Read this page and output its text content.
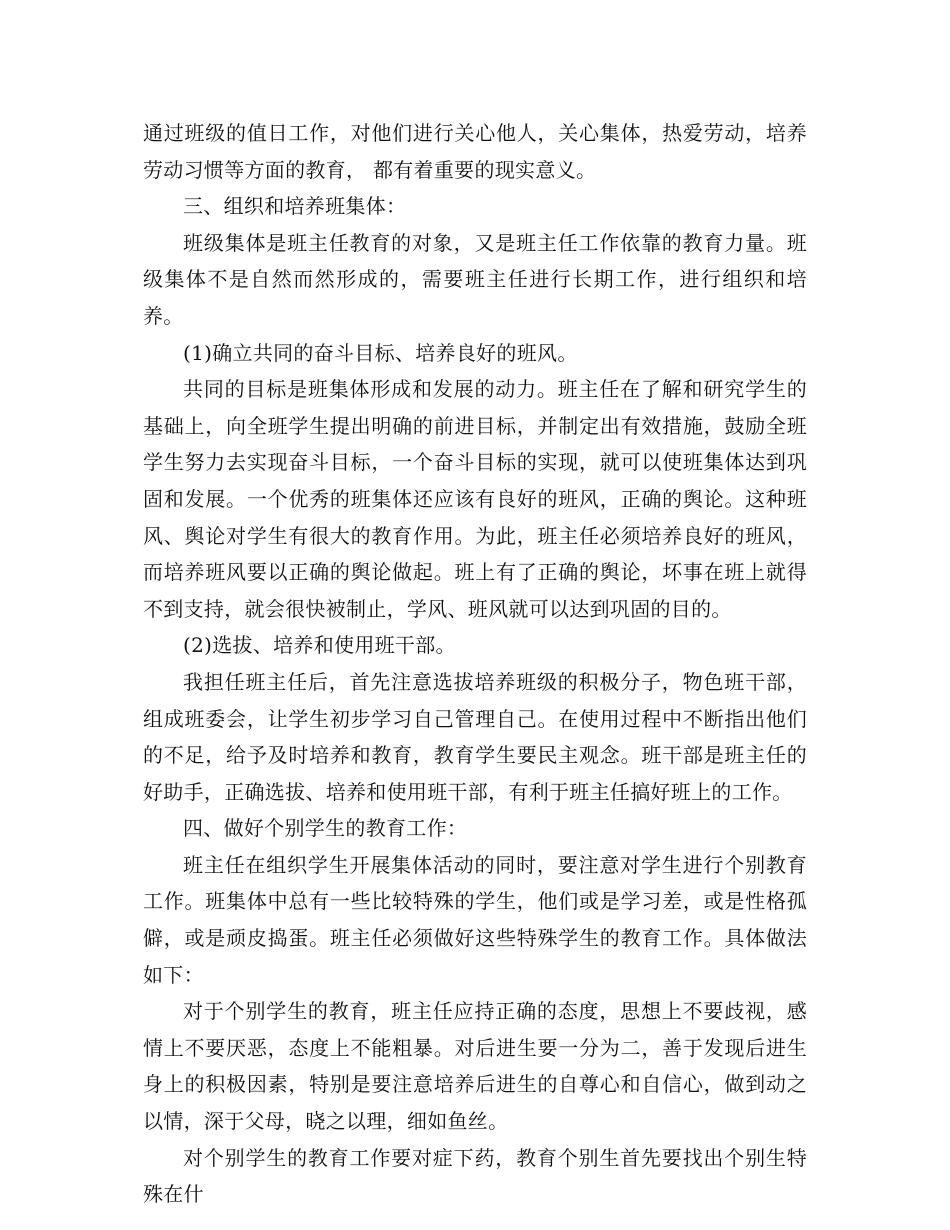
通过班级的值日工作，对他们进行关心他人，关心集体，热爱劳动，培养劳动习惯等方面的教育， 都有着重要的现实意义。

三、组织和培养班集体：

班级集体是班主任教育的对象，又是班主任工作依靠的教育力量。班级集体不是自然而然形成的，需要班主任进行长期工作，进行组织和培养。

(1)确立共同的奋斗目标、培养良好的班风。

共同的目标是班集体形成和发展的动力。班主任在了解和研究学生的基础上，向全班学生提出明确的前进目标，并制定出有效措施，鼓励全班学生努力去实现奋斗目标，一个奋斗目标的实现，就可以使班集体达到巩固和发展。一个优秀的班集体还应该有良好的班风，正确的舆论。这种班风、舆论对学生有很大的教育作用。为此，班主任必须培养良好的班风，而培养班风要以正确的舆论做起。班上有了正确的舆论，坏事在班上就得不到支持，就会很快被制止，学风、班风就可以达到巩固的目的。

(2)选拔、培养和使用班干部。

我担任班主任后，首先注意选拔培养班级的积极分子，物色班干部，组成班委会，让学生初步学习自己管理自己。在使用过程中不断指出他们的不足，给予及时培养和教育，教育学生要民主观念。班干部是班主任的好助手，正确选拔、培养和使用班干部，有利于班主任搞好班上的工作。

四、做好个别学生的教育工作：

班主任在组织学生开展集体活动的同时，要注意对学生进行个别教育工作。班集体中总有一些比较特殊的学生，他们或是学习差，或是性格孤僻，或是顽皮捣蛋。班主任必须做好这些特殊学生的教育工作。具体做法如下：

对于个别学生的教育，班主任应持正确的态度，思想上不要歧视，感情上不要厌恶，态度上不能粗暴。对后进生要一分为二，善于发现后进生身上的积极因素，特别是要注意培养后进生的自尊心和自信心，做到动之以情，深于父母，晓之以理，细如鱼丝。

对个别学生的教育工作要对症下药，教育个别生首先要找出个别生特殊在什
